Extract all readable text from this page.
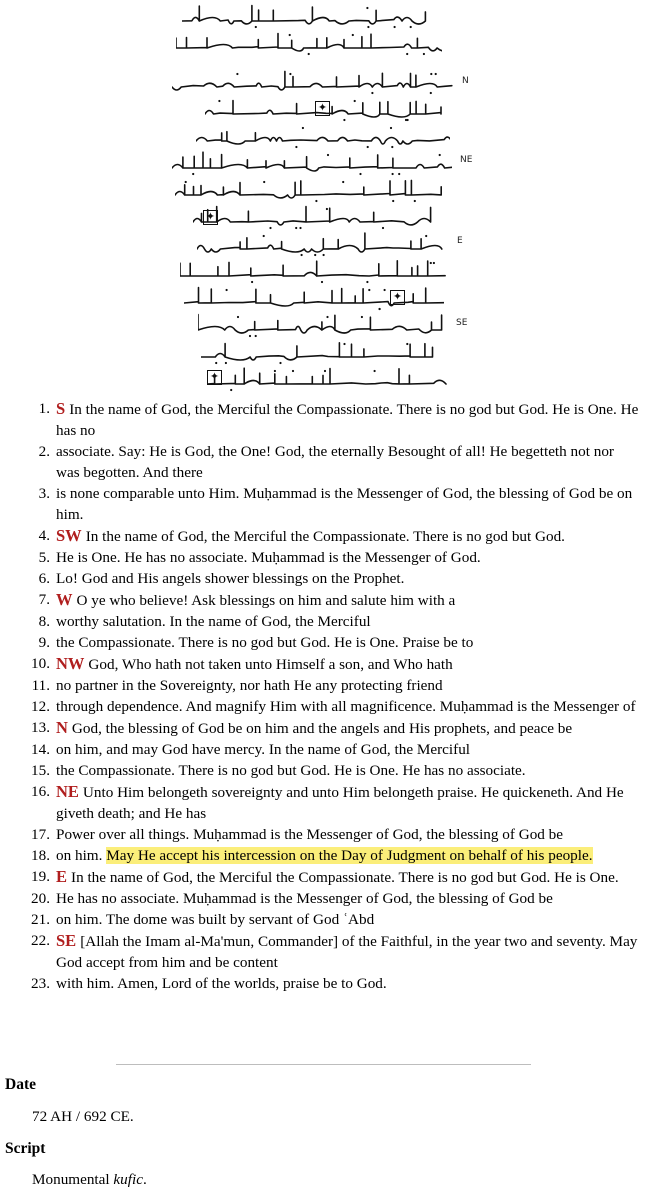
N
NE
E
SE
✦
✦
✦
✦
1. S In the name of God, the Merciful the Compassionate. There is no god but God. He is One. He has no
2. associate. Say: He is God, the One! God, the eternally Besought of all! He begetteth not nor was begotten. And there
3. is none comparable unto Him. Muḥammad is the Messenger of God, the blessing of God be on him.
4. SW In the name of God, the Merciful the Compassionate. There is no god but God.
5. He is One. He has no associate. Muḥammad is the Messenger of God.
6. Lo! God and His angels shower blessings on the Prophet.
7. W O ye who believe! Ask blessings on him and salute him with a
8. worthy salutation. In the name of God, the Merciful
9. the Compassionate. There is no god but God. He is One. Praise be to
10. NW God, Who hath not taken unto Himself a son, and Who hath
11. no partner in the Sovereignty, nor hath He any protecting friend
12. through dependence. And magnify Him with all magnificence. Muḥammad is the Messenger of
13. N God, the blessing of God be on him and the angels and His prophets, and peace be
14. on him, and may God have mercy. In the name of God, the Merciful
15. the Compassionate. There is no god but God. He is One. He has no associate.
16. NE Unto Him belongeth sovereignty and unto Him belongeth praise. He quickeneth. And He giveth death; and He has
17. Power over all things. Muḥammad is the Messenger of God, the blessing of God be
18. on him. May He accept his intercession on the Day of Judgment on behalf of his people.
19. E In the name of God, the Merciful the Compassionate. There is no god but God. He is One.
20. He has no associate. Muḥammad is the Messenger of God, the blessing of God be
21. on him. The dome was built by servant of God ʿAbd
22. SE [Allah the Imam al-Ma'mun, Commander] of the Faithful, in the year two and seventy. May God accept from him and be content
23. with him. Amen, Lord of the worlds, praise be to God.
Date
72 AH / 692 CE.
Script
Monumental kufic.
